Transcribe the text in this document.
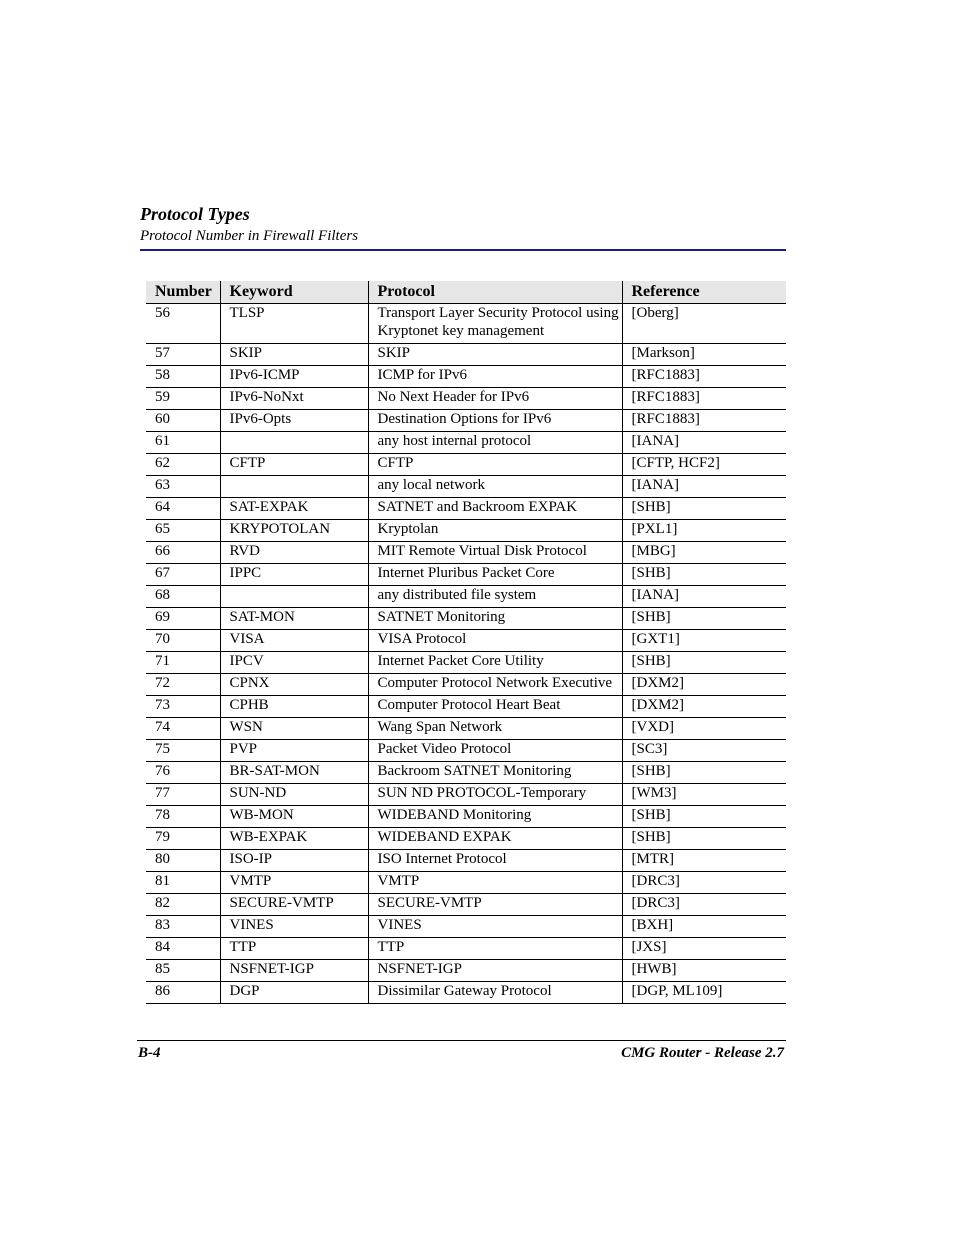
Protocol Types
Protocol Number in Firewall Filters
Number	Keyword	Protocol	Reference
56	TLSP	Transport Layer Security Protocol using Kryptonet key management	[Oberg]
57	SKIP	SKIP	[Markson]
58	IPv6-ICMP	ICMP for IPv6	[RFC1883]
59	IPv6-NoNxt	No Next Header for IPv6	[RFC1883]
60	IPv6-Opts	Destination Options for IPv6	[RFC1883]
61		any host internal protocol	[IANA]
62	CFTP	CFTP	[CFTP, HCF2]
63		any local network	[IANA]
64	SAT-EXPAK	SATNET and Backroom EXPAK	[SHB]
65	KRYPOTOLAN	Kryptolan	[PXL1]
66	RVD	MIT Remote Virtual Disk Protocol	[MBG]
67	IPPC	Internet Pluribus Packet Core	[SHB]
68		any distributed file system	[IANA]
69	SAT-MON	SATNET Monitoring	[SHB]
70	VISA	VISA Protocol	[GXT1]
71	IPCV	Internet Packet Core Utility	[SHB]
72	CPNX	Computer Protocol Network Executive	[DXM2]
73	CPHB	Computer Protocol Heart Beat	[DXM2]
74	WSN	Wang Span Network	[VXD]
75	PVP	Packet Video Protocol	[SC3]
76	BR-SAT-MON	Backroom SATNET Monitoring	[SHB]
77	SUN-ND	SUN ND PROTOCOL-Temporary	[WM3]
78	WB-MON	WIDEBAND Monitoring	[SHB]
79	WB-EXPAK	WIDEBAND EXPAK	[SHB]
80	ISO-IP	ISO Internet Protocol	[MTR]
81	VMTP	VMTP	[DRC3]
82	SECURE-VMTP	SECURE-VMTP	[DRC3]
83	VINES	VINES	[BXH]
84	TTP	TTP	[JXS]
85	NSFNET-IGP	NSFNET-IGP	[HWB]
86	DGP	Dissimilar Gateway Protocol	[DGP, ML109]
B-4	CMG Router - Release 2.7
